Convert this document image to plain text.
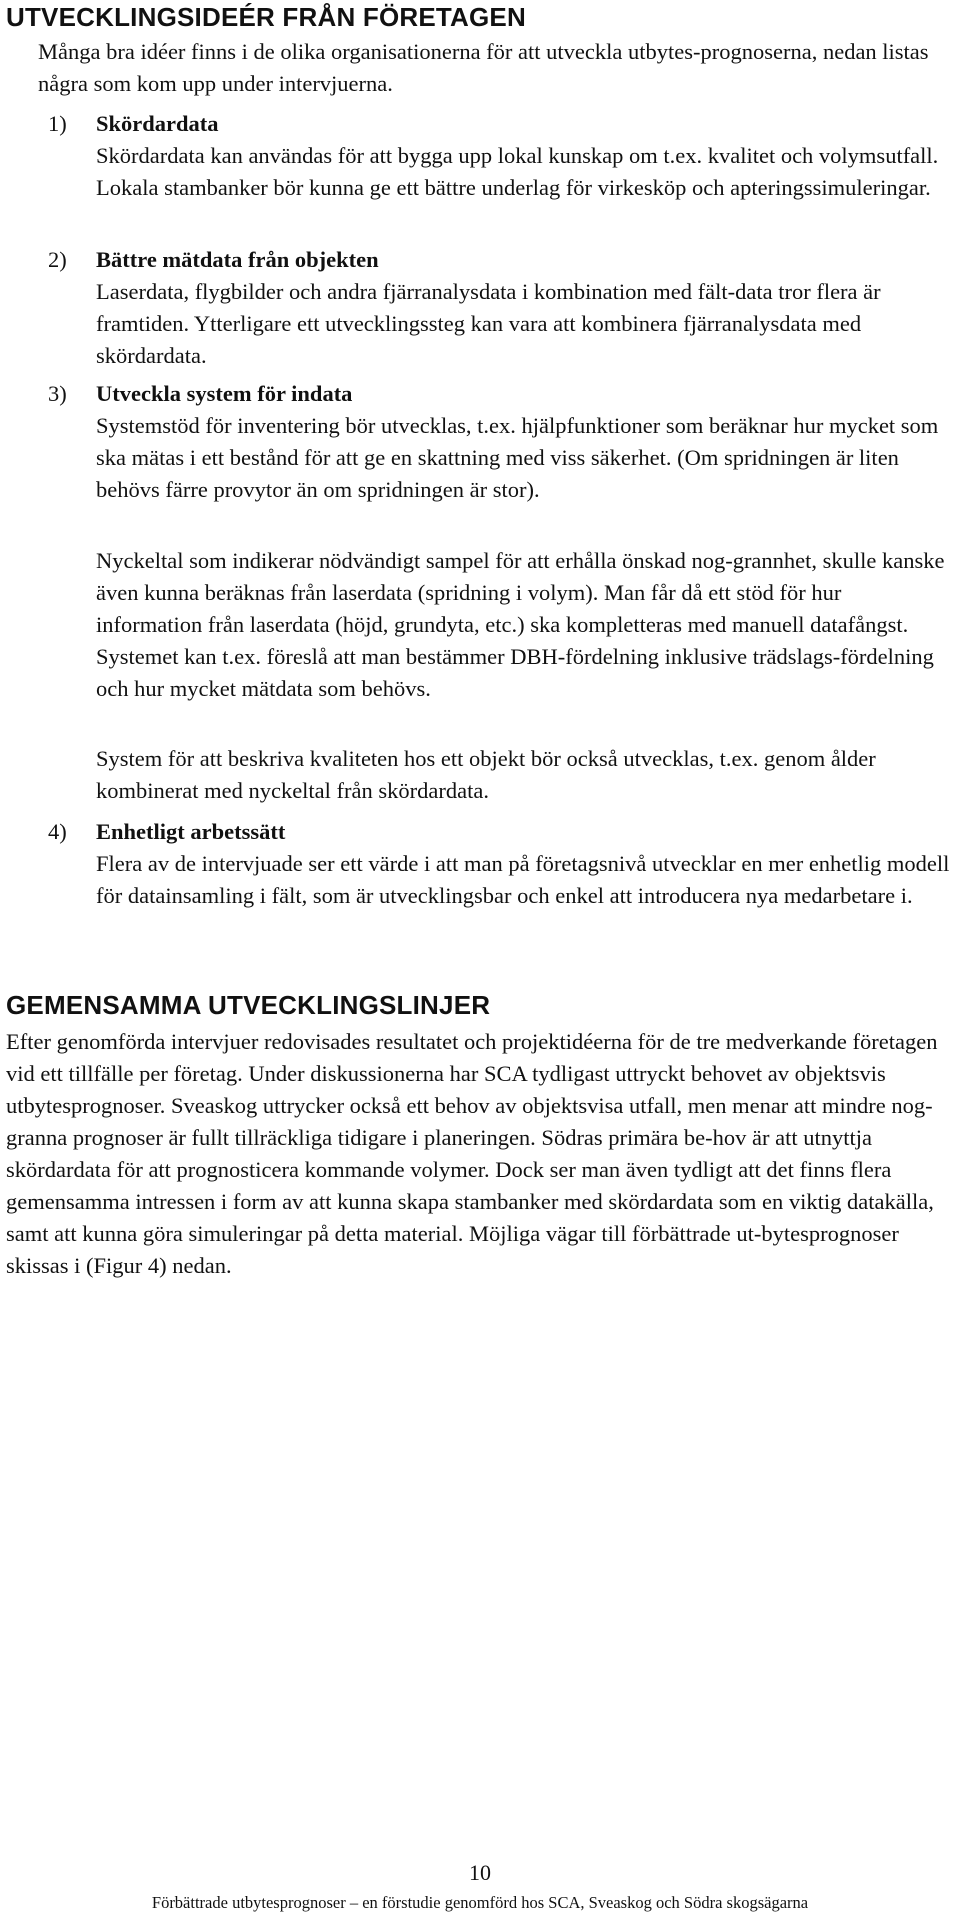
UTVECKLINGSIDEÉR FRÅN FÖRETAGEN

Många bra idéer finns i de olika organisationerna för att utveckla utbytes-prognoserna, nedan listas några som kom upp under intervjuerna.

1) Skördardata

Skördardata kan användas för att bygga upp lokal kunskap om t.ex. kvalitet och volymsutfall. Lokala stambanker bör kunna ge ett bättre underlag för virkesköp och apteringssimuleringar.

2) Bättre mätdata från objekten

Laserdata, flygbilder och andra fjärranalysdata i kombination med fält-data tror flera är framtiden. Ytterligare ett utvecklingssteg kan vara att kombinera fjärranalysdata med skördardata.

3) Utveckla system för indata

Systemstöd för inventering bör utvecklas, t.ex. hjälpfunktioner som beräknar hur mycket som ska mätas i ett bestånd för att ge en skattning med viss säkerhet. (Om spridningen är liten behövs färre provytor än om spridningen är stor).

Nyckeltal som indikerar nödvändigt sampel för att erhålla önskad nog-grannhet, skulle kanske även kunna beräknas från laserdata (spridning i volym). Man får då ett stöd för hur information från laserdata (höjd, grundyta, etc.) ska kompletteras med manuell datafångst. Systemet kan t.ex. föreslå att man bestämmer DBH-fördelning inklusive trädslags-fördelning och hur mycket mätdata som behövs.

System för att beskriva kvaliteten hos ett objekt bör också utvecklas, t.ex. genom ålder kombinerat med nyckeltal från skördardata.

4) Enhetligt arbetssätt

Flera av de intervjuade ser ett värde i att man på företagsnivå utvecklar en mer enhetlig modell för datainsamling i fält, som är utvecklingsbar och enkel att introducera nya medarbetare i.

GEMENSAMMA UTVECKLINGSLINJER

Efter genomförda intervjuer redovisades resultatet och projektidéerna för de tre medverkande företagen vid ett tillfälle per företag. Under diskussionerna har SCA tydligast uttryckt behovet av objektsvis utbytesprognoser. Sveaskog uttrycker också ett behov av objektsvisa utfall, men menar att mindre nog-granna prognoser är fullt tillräckliga tidigare i planeringen. Södras primära be-hov är att utnyttja skördardata för att prognosticera kommande volymer. Dock ser man även tydligt att det finns flera gemensamma intressen i form av att kunna skapa stambanker med skördardata som en viktig datakälla, samt att kunna göra simuleringar på detta material. Möjliga vägar till förbättrade ut-bytesprognoser skissas i (Figur 4) nedan.

10
Förbättrade utbytesprognoser – en förstudie genomförd hos SCA, Sveaskog och Södra skogsägarna
